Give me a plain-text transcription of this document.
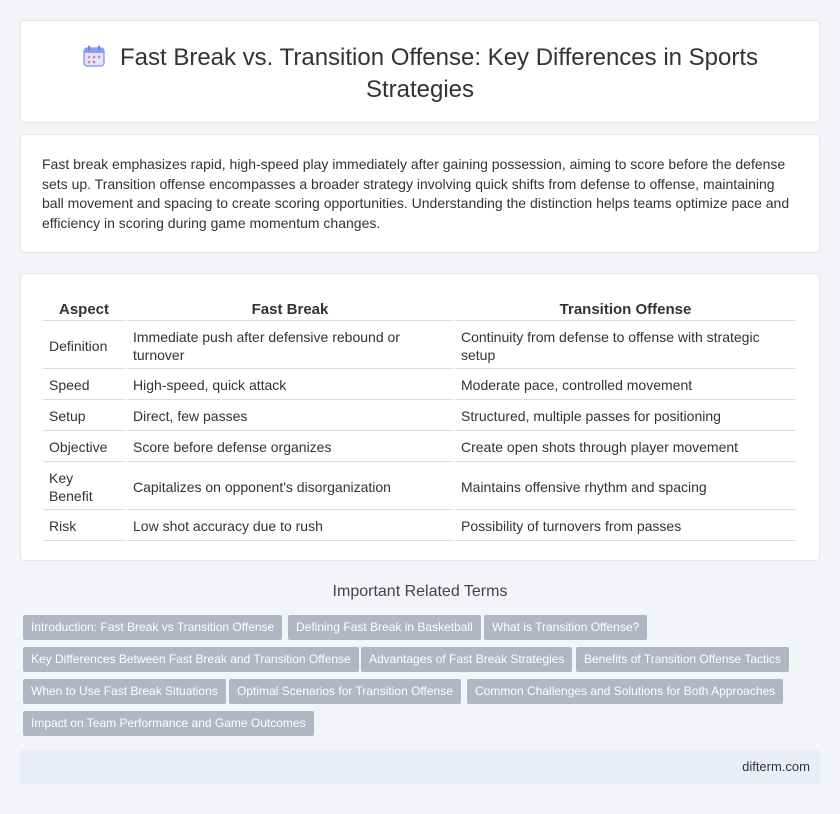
Fast Break vs. Transition Offense: Key Differences in Sports Strategies

Fast break emphasizes rapid, high-speed play immediately after gaining possession, aiming to score before the defense sets up. Transition offense encompasses a broader strategy involving quick shifts from defense to offense, maintaining ball movement and spacing to create scoring opportunities. Understanding the distinction helps teams optimize pace and efficiency in scoring during game momentum changes.

Aspect	Fast Break	Transition Offense
Definition	Immediate push after defensive rebound or turnover	Continuity from defense to offense with strategic setup
Speed	High-speed, quick attack	Moderate pace, controlled movement
Setup	Direct, few passes	Structured, multiple passes for positioning
Objective	Score before defense organizes	Create open shots through player movement
Key Benefit	Capitalizes on opponent's disorganization	Maintains offensive rhythm and spacing
Risk	Low shot accuracy due to rush	Possibility of turnovers from passes
Important Related Terms
Introduction: Fast Break vs Transition Offense	Defining Fast Break in Basketball	What is Transition Offense?
Key Differences Between Fast Break and Transition Offense	Advantages of Fast Break Strategies	Benefits of Transition Offense Tactics
When to Use Fast Break Situations	Optimal Scenarios for Transition Offense	Common Challenges and Solutions for Both Approaches
Impact on Team Performance and Game Outcomes
difterm.com
